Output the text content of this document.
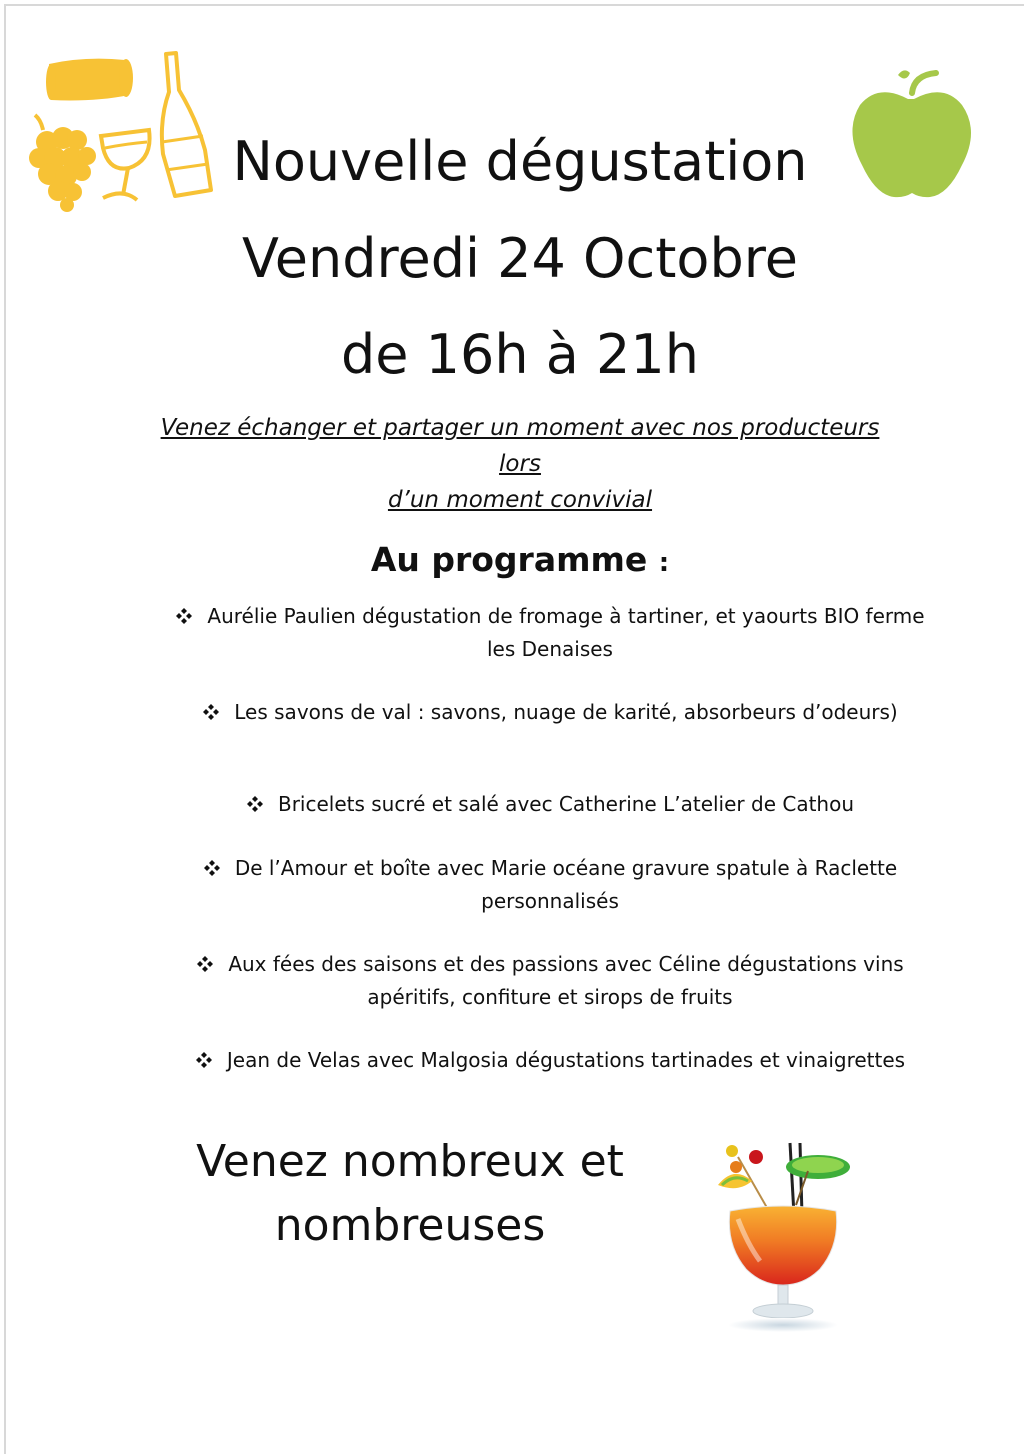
Nouvelle dégustation
Vendredi 24 Octobre
de 16h à 21h

Venez échanger et partager un moment avec nos producteurs lors
d’un moment convivial

Au programme :

Aurélie Paulien dégustation de fromage à tartiner, et yaourts BIO ferme
les Denaises

Les savons de val : savons, nuage de karité, absorbeurs d’odeurs)

Bricelets sucré et salé avec Catherine L’atelier de Cathou

De l’Amour et boîte avec Marie océane gravure spatule à Raclette
personnalisés

Aux fées des saisons et des passions avec Céline dégustations vins
apéritifs, confiture et sirops de fruits

Jean de Velas avec Malgosia dégustations tartinades et vinaigrettes

Venez nombreux et
nombreuses
